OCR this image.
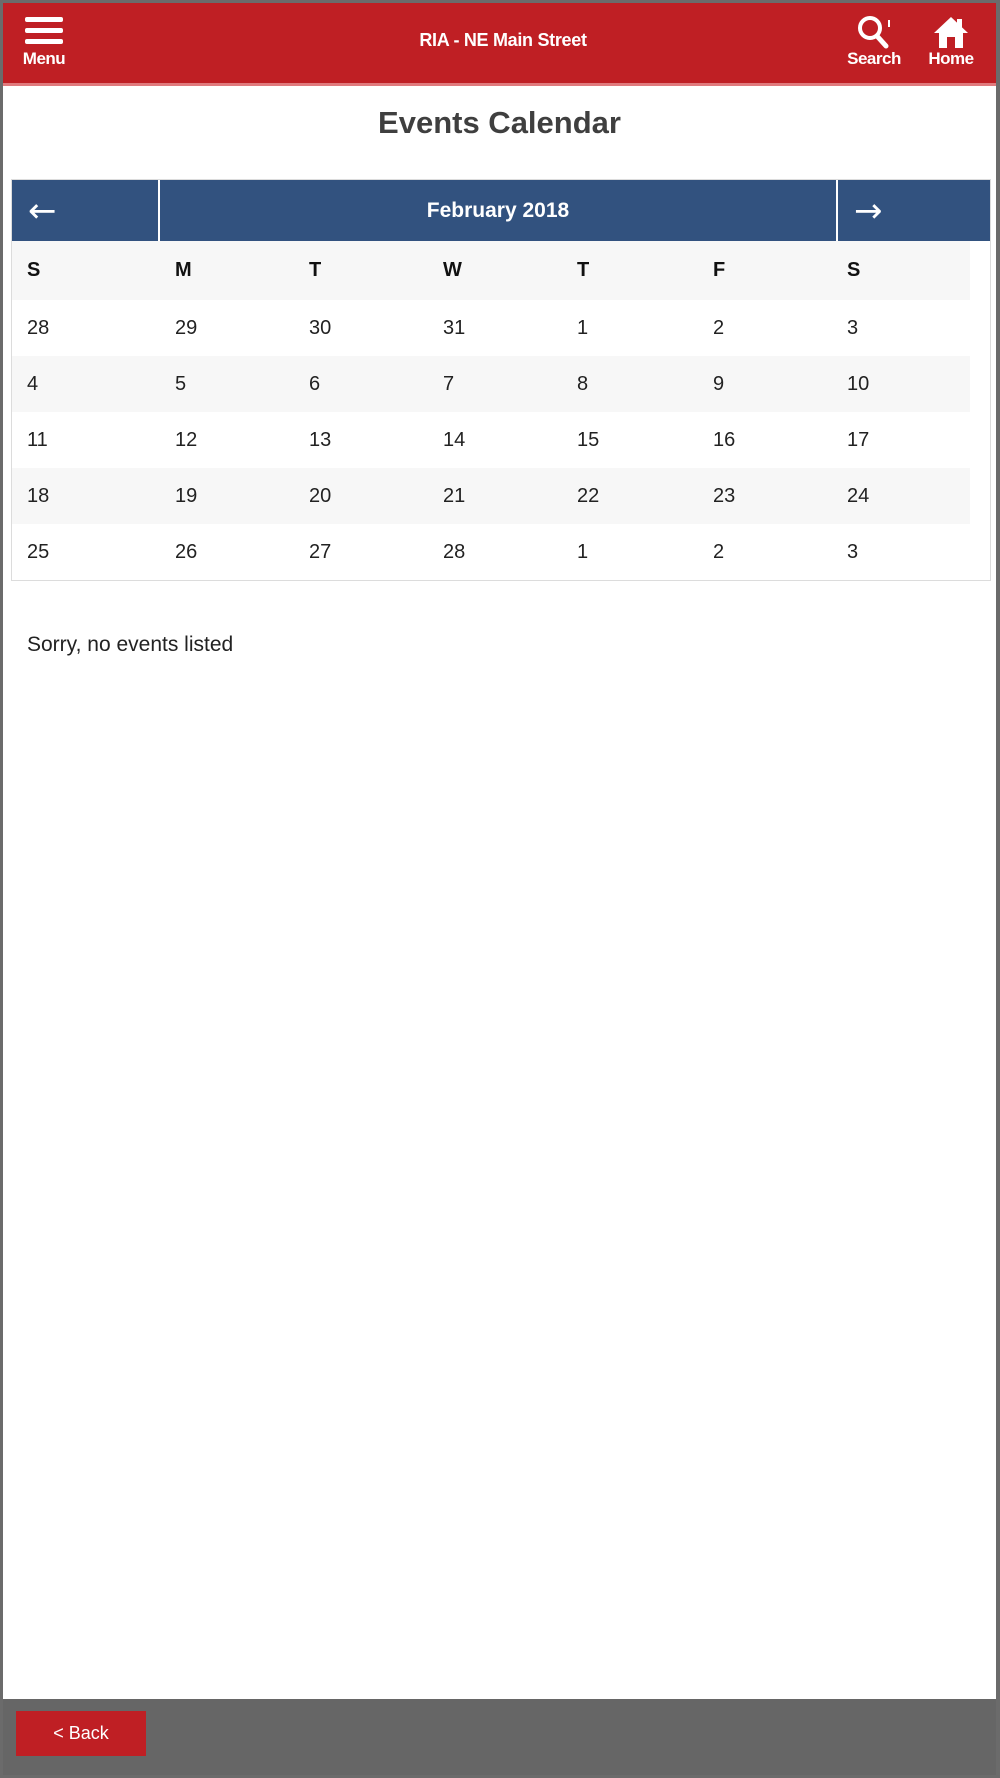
Menu
RIA - NE Main Street
Search	Home
Events Calendar
←	February 2018	→
S	M	T	W	T	F	S
28	29	30	31	1	2	3
4	5	6	7	8	9	10
11	12	13	14	15	16	17
18	19	20	21	22	23	24
25	26	27	28	1	2	3
Sorry, no events listed
< Back
